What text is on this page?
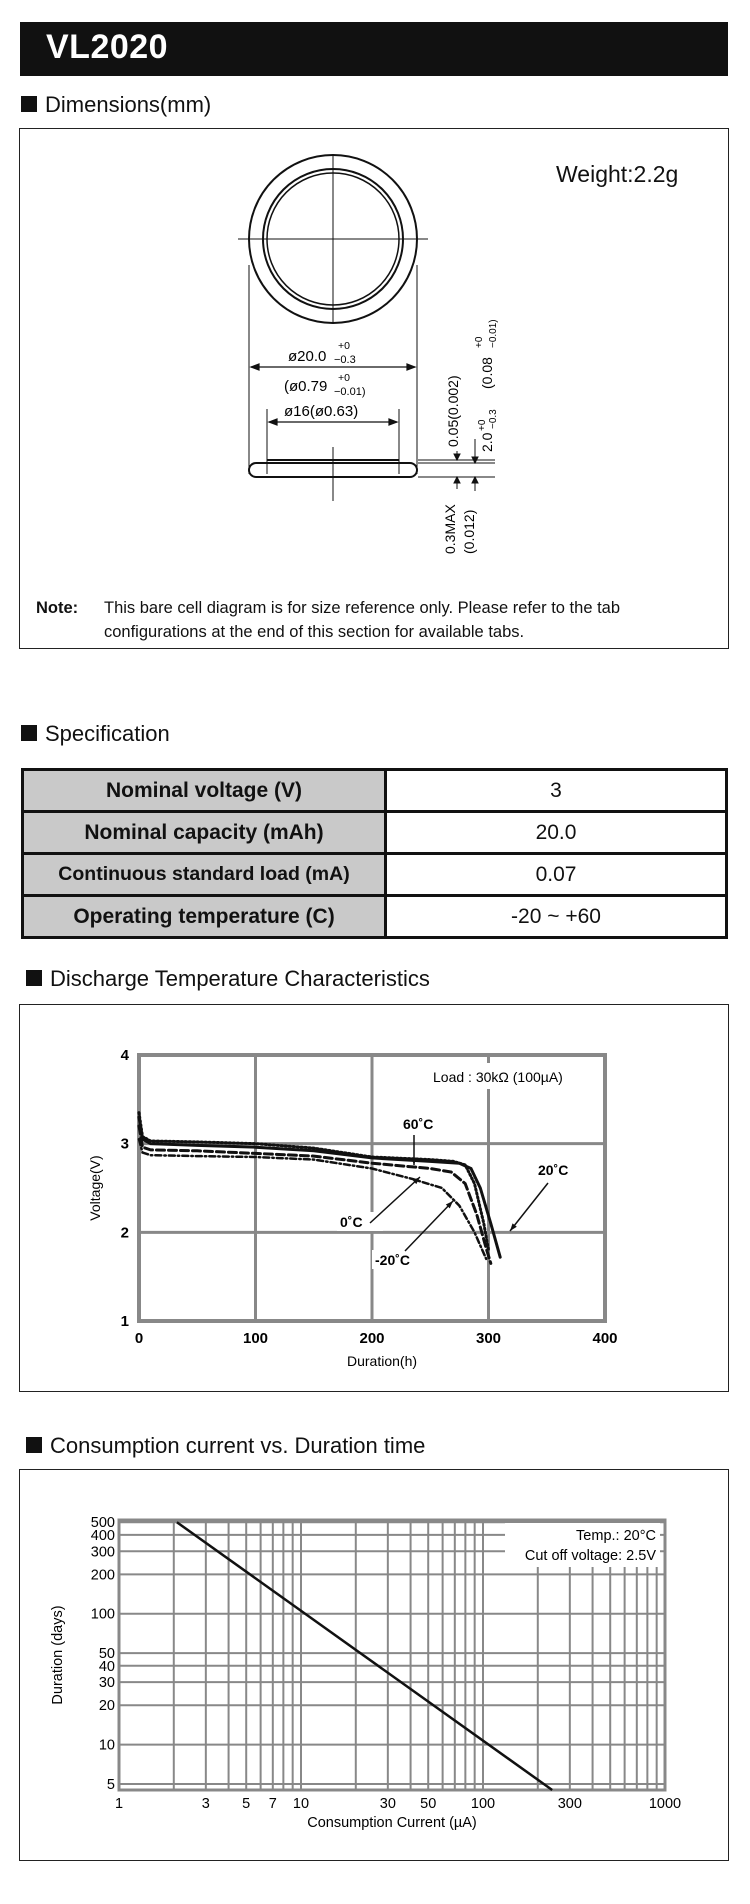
VL2020
Dimensions(mm)
Weight:2.2g
ø20.0
+0
−0.3
(ø0.79 +0
−0.01)
ø16(ø0.63)	0.05(0.002) 2.0
+0 −0.3
(0.08
+0 −0.01)
0.3MAX (0.012)
Note: This bare cell diagram is for size reference only. Please refer to the tab configurations at the end of this section for available tabs.
Specification
Nominal voltage (V)	3
Nominal capacity (mAh)	20.0
Continuous standard load (mA)	0.07
Operating temperature (C)	-20 ~ +60
Discharge Temperature Characteristics
0	100	200	300	400
1
2
3
4
Duration(h)
Voltage(V)
Load : 30kΩ (100µA)
60˚C
20˚C
0˚C
-20˚C
Consumption current vs. Duration time
5
10
20
30
40
50
100
200
300
400
500
1	3 5 7 10	30 50 100	300	1000
Consumption Current (µA)
Duration (days)
Temp.: 20°C
Cut off voltage: 2.5V
